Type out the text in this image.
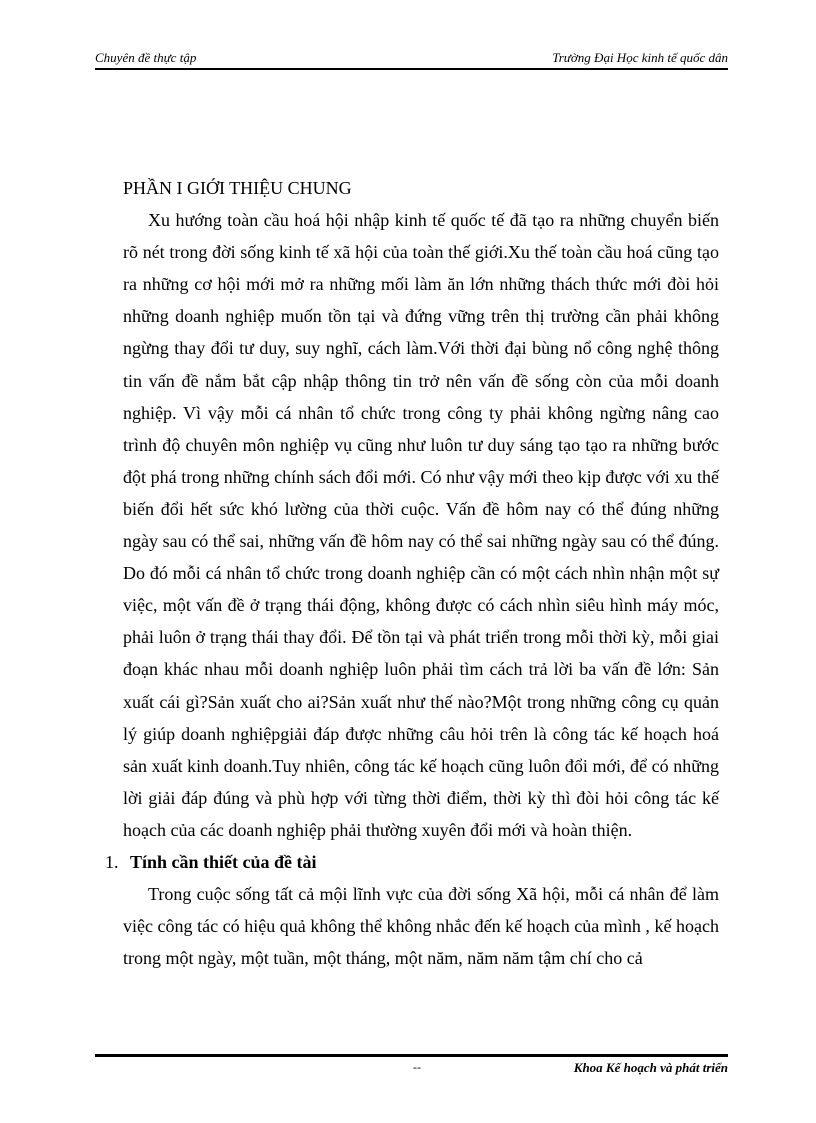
Chuyên đề thực tập	Trường Đại Học kinh tế quốc dân

PHẦN I GIỚI THIỆU CHUNG

Xu hướng toàn cầu hoá hội nhập kinh tế quốc tế đã tạo ra những chuyển biến rõ nét trong đời sống kinh tế xã hội của toàn thế giới.Xu thế toàn cầu hoá cũng tạo ra những cơ hội mới mở ra những mối làm ăn lớn những thách thức mới đòi hỏi những doanh nghiệp muốn tồn tại và đứng vững trên thị trường cần phải không ngừng thay đổi tư duy, suy nghĩ, cách làm.Với thời đại bùng nổ công nghệ thông tin vấn đề nắm bắt cập nhập thông tin trở nên vấn đề sống còn của mỗi doanh nghiệp. Vì vậy mỗi cá nhân tổ chức trong công ty phải không ngừng nâng cao trình độ chuyên môn nghiệp vụ cũng như luôn tư duy sáng tạo tạo ra những bước đột phá trong những chính sách đổi mới. Có như vậy mới theo kịp được với xu thế biến đổi hết sức khó lường của thời cuộc. Vấn đề hôm nay có thể đúng những ngày sau có thể sai, những vấn đề hôm nay có thể sai những ngày sau có thể đúng. Do đó mỗi cá nhân tổ chức trong doanh nghiệp cần có một cách nhìn nhận một sự việc, một vấn đề ở trạng thái động, không được có cách nhìn siêu hình máy móc, phải luôn ở trạng thái thay đổi. Để tồn tại và phát triển trong mỗi thời kỳ, mỗi giai đoạn khác nhau mỗi doanh nghiệp luôn phải tìm cách trả lời ba vấn đề lớn: Sản xuất cái gì?Sản xuất cho ai?Sản xuất như thế nào?Một trong những công cụ quản lý giúp doanh nghiệpgiải đáp được những câu hỏi trên là công tác kế hoạch hoá sản xuất kinh doanh.Tuy nhiên, công tác kế hoạch cũng luôn đổi mới, để có những lời giải đáp đúng và phù hợp với từng thời điểm, thời kỳ thì đòi hỏi công tác kế hoạch của các doanh nghiệp phải thường xuyên đổi mới và hoàn thiện.

1. Tính cần thiết của đề tài

Trong cuộc sống tất cả mội lĩnh vực của đời sống Xã hội, mỗi cá nhân để làm việc công tác có hiệu quả không thể không nhắc đến kế hoạch của mình , kế hoạch trong một ngày, một tuần, một tháng, một năm, năm năm tậm chí cho cả

--	Khoa Kế hoạch và phát triển
